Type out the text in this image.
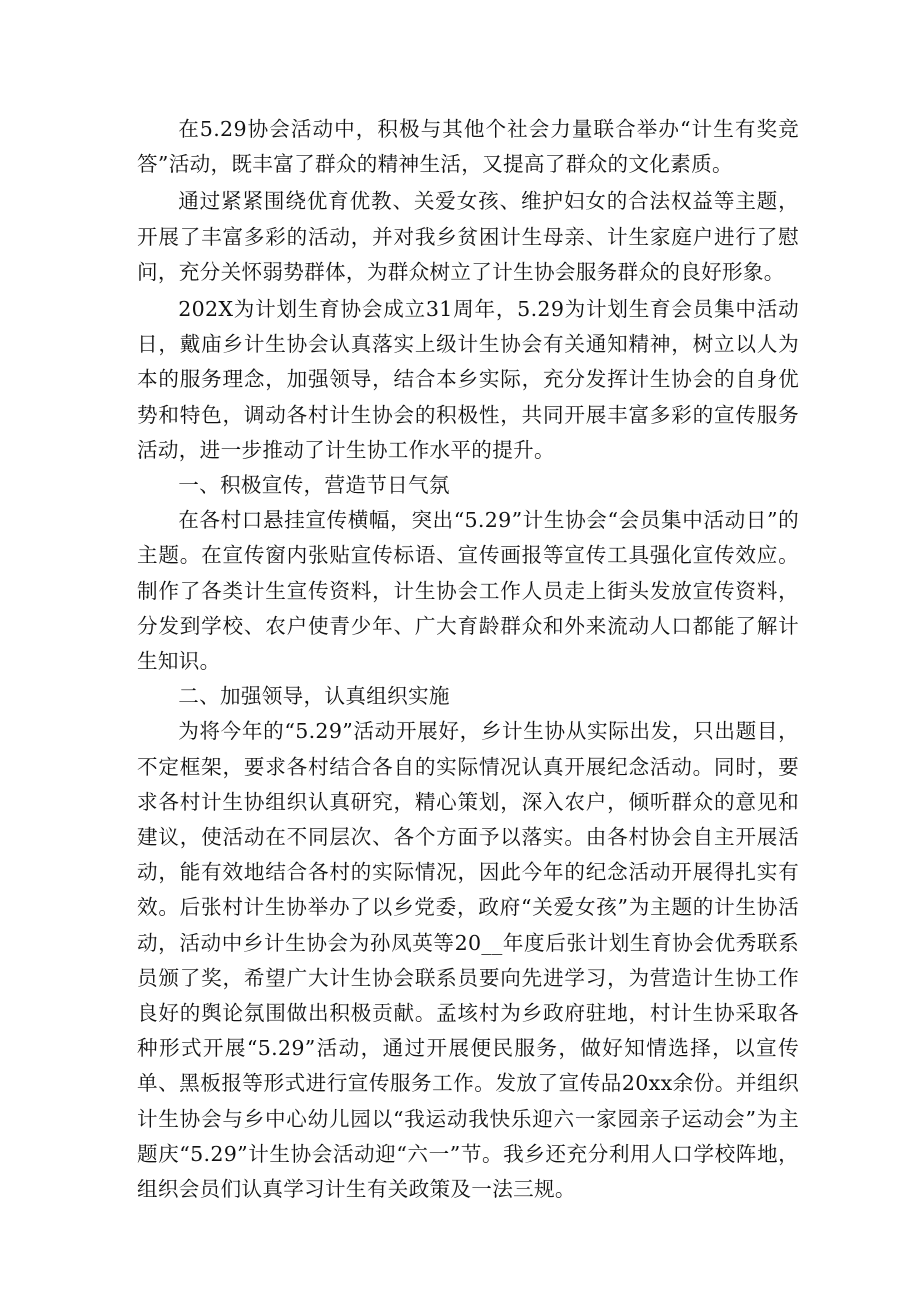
在5.29协会活动中，积极与其他个社会力量联合举办“计生有奖竞答”活动，既丰富了群众的精神生活，又提高了群众的文化素质。

通过紧紧围绕优育优教、关爱女孩、维护妇女的合法权益等主题，开展了丰富多彩的活动，并对我乡贫困计生母亲、计生家庭户进行了慰问，充分关怀弱势群体，为群众树立了计生协会服务群众的良好形象。

202X为计划生育协会成立31周年，5.29为计划生育会员集中活动日，戴庙乡计生协会认真落实上级计生协会有关通知精神，树立以人为本的服务理念，加强领导，结合本乡实际，充分发挥计生协会的自身优势和特色，调动各村计生协会的积极性，共同开展丰富多彩的宣传服务活动，进一步推动了计生协工作水平的提升。

一、积极宣传，营造节日气氛

在各村口悬挂宣传横幅，突出“5.29”计生协会“会员集中活动日”的主题。在宣传窗内张贴宣传标语、宣传画报等宣传工具强化宣传效应。制作了各类计生宣传资料，计生协会工作人员走上街头发放宣传资料，分发到学校、农户使青少年、广大育龄群众和外来流动人口都能了解计生知识。

二、加强领导，认真组织实施

为将今年的“5.29”活动开展好，乡计生协从实际出发，只出题目，不定框架，要求各村结合各自的实际情况认真开展纪念活动。同时，要求各村计生协组织认真研究，精心策划，深入农户，倾听群众的意见和建议，使活动在不同层次、各个方面予以落实。由各村协会自主开展活动，能有效地结合各村的实际情况，因此今年的纪念活动开展得扎实有效。后张村计生协举办了以乡党委，政府“关爱女孩”为主题的计生协活动，活动中乡计生协会为孙凤英等20__年度后张计划生育协会优秀联系员颁了奖，希望广大计生协会联系员要向先进学习，为营造计生协工作良好的舆论氛围做出积极贡献。孟垓村为乡政府驻地，村计生协采取各种形式开展“5.29”活动，通过开展便民服务，做好知情选择，以宣传单、黑板报等形式进行宣传服务工作。发放了宣传品20xx余份。并组织计生协会与乡中心幼儿园以“我运动我快乐迎六一家园亲子运动会”为主题庆“5.29”计生协会活动迎“六一”节。我乡还充分利用人口学校阵地，组织会员们认真学习计生有关政策及一法三规。
